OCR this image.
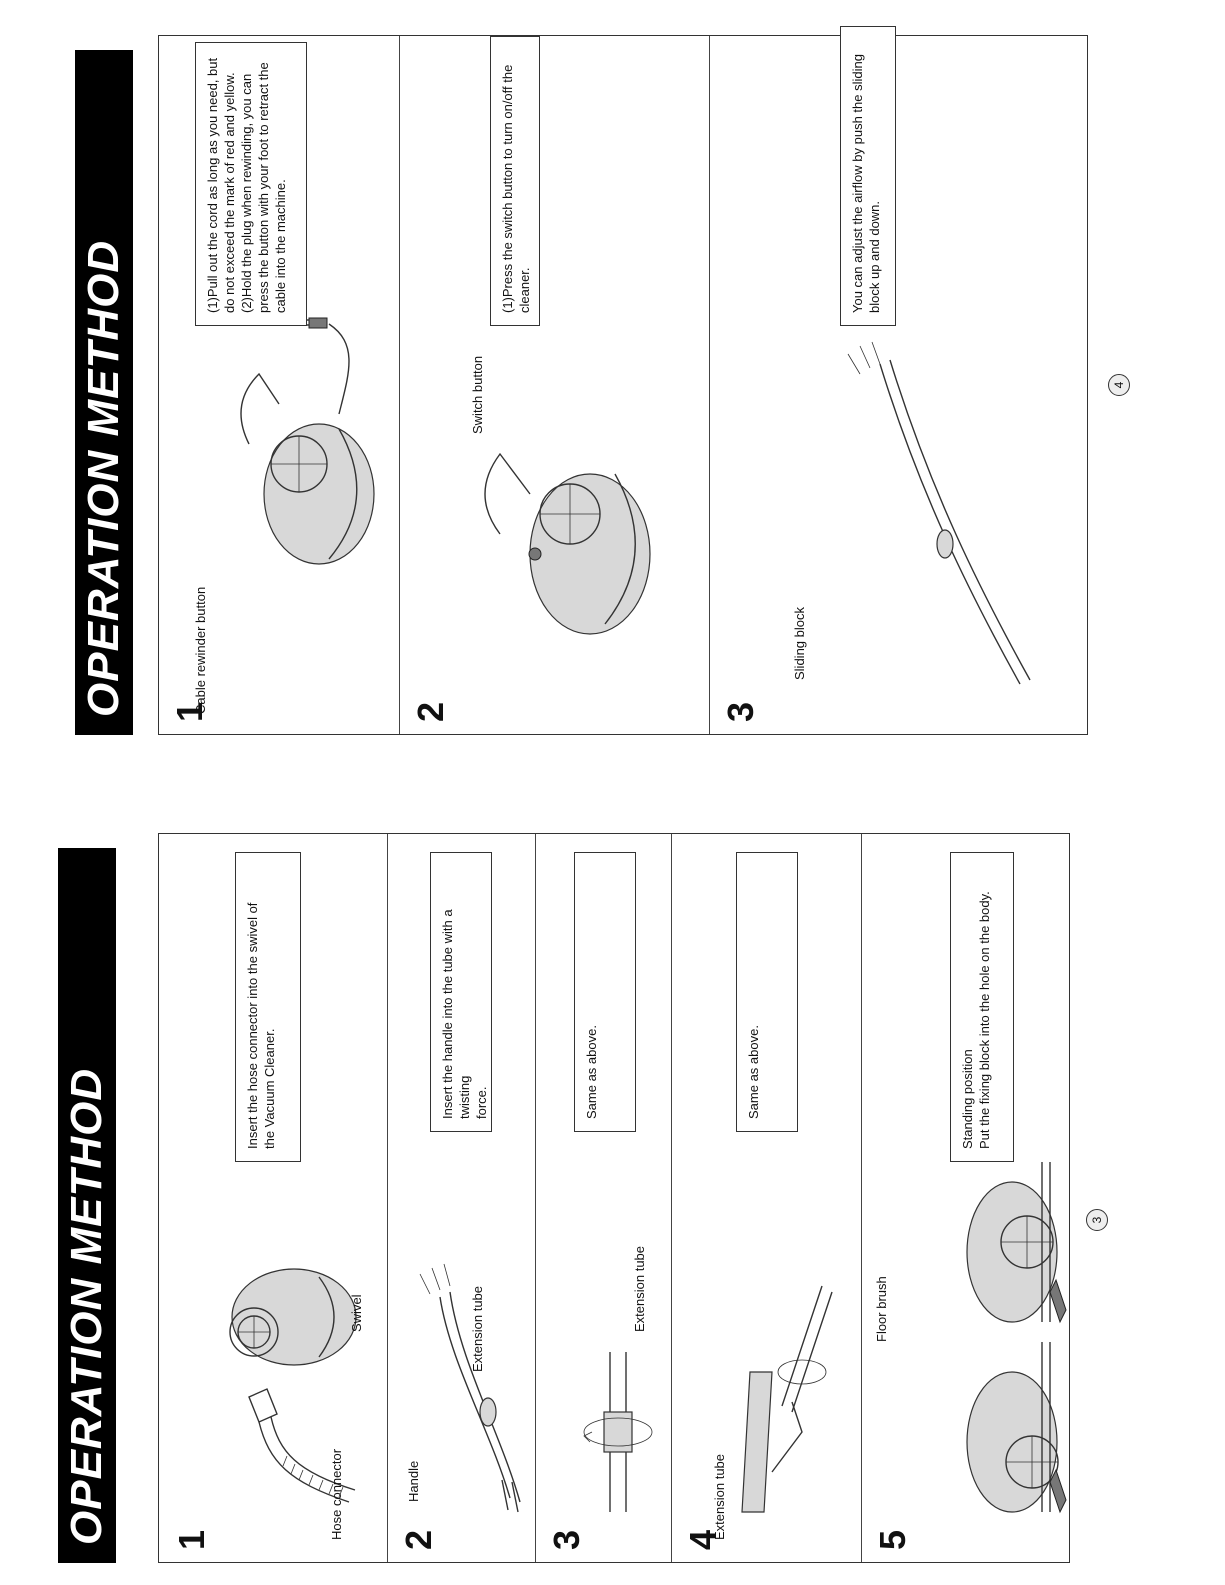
OPERATION METHOD 1	Hose connector
Swivel
Insert the hose connector into the swivel of the Vacuum Cleaner.
2
Handle
Extension tube
Insert the handle into the tube with a twisting force.
3
Extension tube
Same as above.
4
Extension tube
Same as above.
5
Floor brush
Standing position Put the fixing block into the hole on the body.
3
OPERATION METHOD 1
Cable rewinder button
(1)Pull out the cord as long as you need, but do not exceed the mark of red and yellow. (2)Hold the plug when rewinding, you can press the button with your foot to retract the cable into the machine.
2
Switch button
(1)Press the switch button to turn on/off the cleaner.
3
Sliding block
You can adjust the airflow by push the sliding block up and down.
4
